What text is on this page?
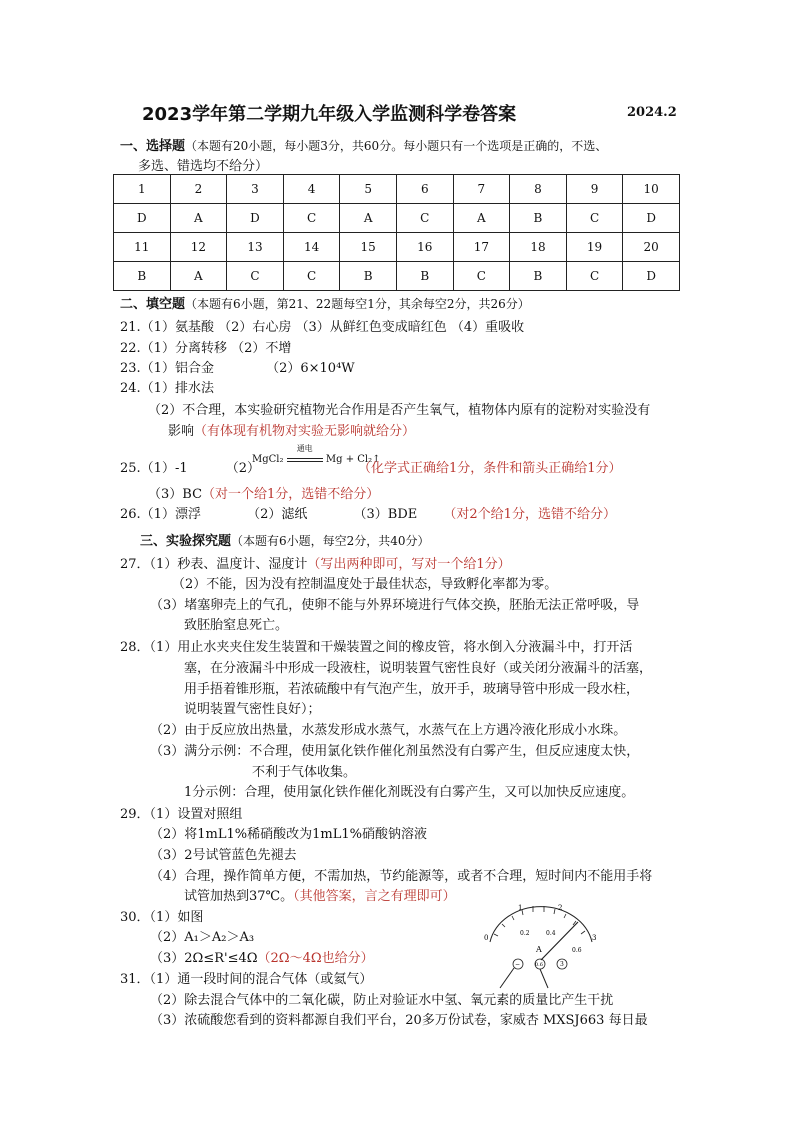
2023学年第二学期九年级入学监测科学卷答案	2024.2
一、选择题（本题有20小题，每小题3分，共60分。每小题只有一个选项是正确的，不选、
多选、错选均不给分）
1	2	3	4	5	6	7	8	9	10
D	A	D	C	A	C	A	B	C	D
11	12	13	14	15	16	17	18	19	20
B	A	C	C	B	B	C	B	C	D
二、填空题（本题有6小题，第21、22题每空1分，其余每空2分，共26分）
21.（1）氨基酸 （2）右心房 （3）从鲜红色变成暗红色 （4）重吸收
22.（1）分离转移 （2）不增
23.（1）铝合金	（2）6×10⁴W
24.（1）排水法
（2）不合理，本实验研究植物光合作用是否产生氧气，植物体内原有的淀粉对实验没有
影响（有体现有机物对实验无影响就给分）
25.（1）-1	（2）
MgCl₂
通电
Mg + Cl₂↑
（化学式正确给1分，条件和箭头正确给1分）
（3）BC（对一个给1分，选错不给分）
26.（1）漂浮	（2）滤纸	（3）BDE （对2个给1分，选错不给分）
三、实验探究题（本题有6小题，每空2分，共40分）
27．（1）秒表、温度计、湿度计（写出两种即可，写对一个给1分）
（2）不能，因为没有控制温度处于最佳状态，导致孵化率都为零。
（3）堵塞卵壳上的气孔，使卵不能与外界环境进行气体交换，胚胎无法正常呼吸，导
致胚胎窒息死亡。
28．（1）用止水夹夹住发生装置和干燥装置之间的橡皮管，将水倒入分液漏斗中，打开活
塞，在分液漏斗中形成一段液柱，说明装置气密性良好（或关闭分液漏斗的活塞，
用手捂着锥形瓶，若浓硫酸中有气泡产生，放开手，玻璃导管中形成一段水柱，
说明装置气密性良好）；
（2）由于反应放出热量，水蒸发形成水蒸气，水蒸气在上方遇冷液化形成小水珠。
（3）满分示例：不合理，使用氯化铁作催化剂虽然没有白雾产生，但反应速度太快，
不利于气体收集。
1分示例：合理，使用氯化铁作催化剂既没有白雾产生，又可以加快反应速度。
29．（1）设置对照组
（2）将1mL1%稀硝酸改为1mL1%硝酸钠溶液
（3）2号试管蓝色先褪去
（4）合理，操作简单方便，不需加热，节约能源等，或者不合理，短时间内不能用手将
试管加热到37℃。（其他答案，言之有理即可）
30．（1）如图
（2）A₁＞A₂＞A₃
（3）2Ω≤R'≤4Ω（2Ω～4Ω也给分）
31．（1）通一段时间的混合气体（或氦气）
（2）除去混合气体中的二氧化碳，防止对验证水中氢、氧元素的质量比产生干扰
（3）浓硫酸您看到的资料都源自我们平台，20多万份试卷，家威杏 MXSJ663 每日最
0
1	2
3
0.2	0.4
0.6
A
−	0.6	3
